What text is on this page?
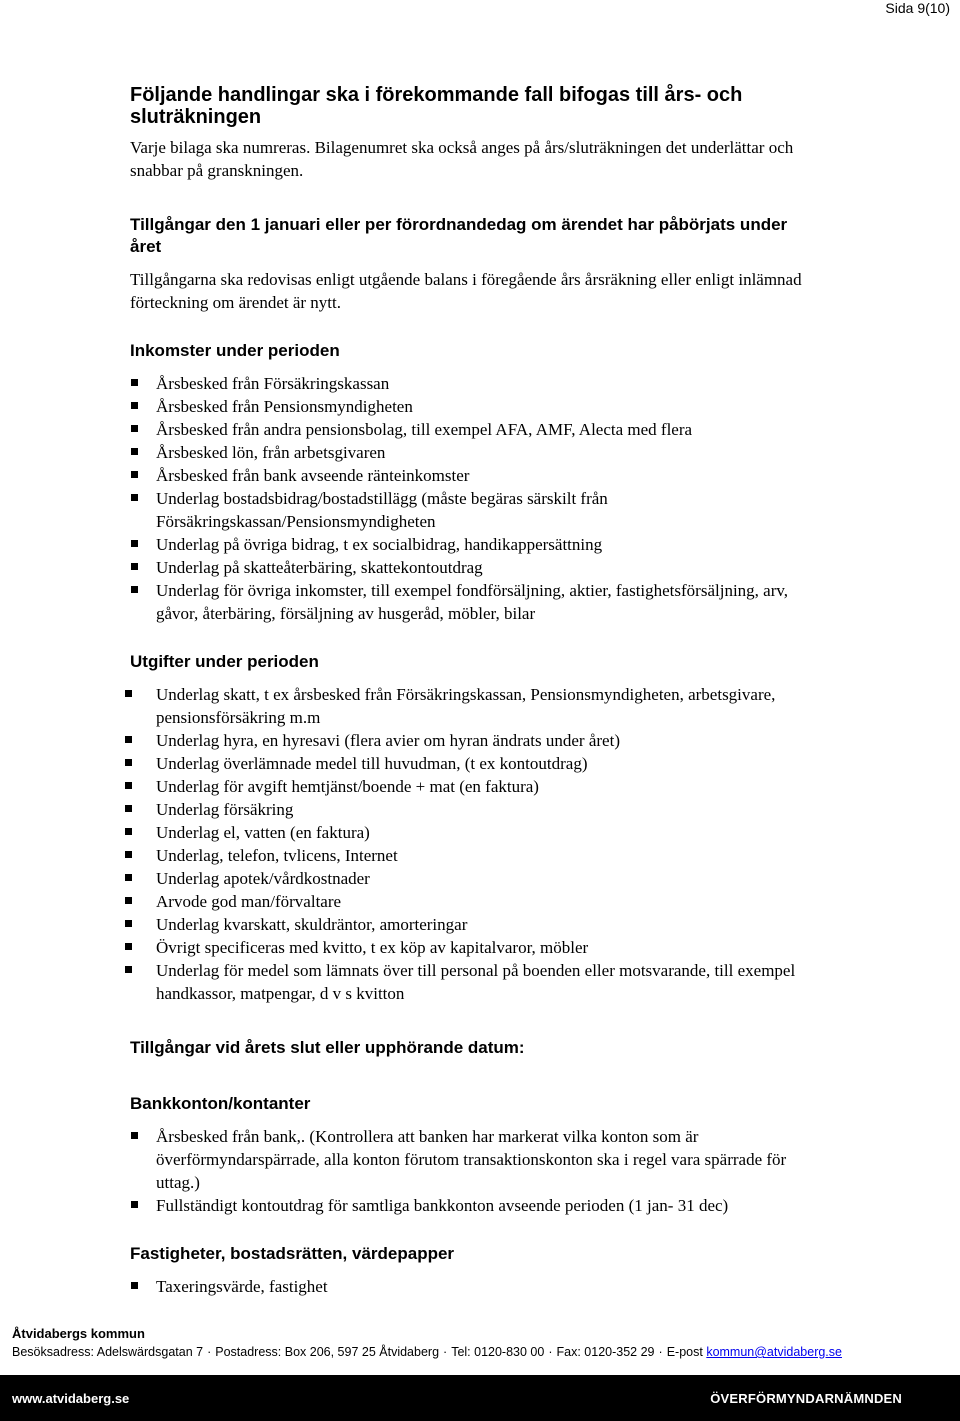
Sida 9(10)
Följande handlingar ska i förekommande fall bifogas till års- och sluträkningen

Varje bilaga ska numreras. Bilagenumret ska också anges på års/sluträkningen det underlättar och snabbar på granskningen.

Tillgångar den 1 januari eller per förordnandedag om ärendet har påbörjats under året

Tillgångarna ska redovisas enligt utgående balans i föregående års årsräkning eller enligt inlämnad förteckning om ärendet är nytt.

Inkomster under perioden
Årsbesked från Försäkringskassan
Årsbesked från Pensionsmyndigheten
Årsbesked från andra pensionsbolag, till exempel AFA, AMF, Alecta med flera
Årsbesked lön, från arbetsgivaren
Årsbesked från bank avseende ränteinkomster
Underlag bostadsbidrag/bostadstillägg (måste begäras särskilt från Försäkringskassan/Pensionsmyndigheten
Underlag på övriga bidrag, t ex socialbidrag, handikappersättning
Underlag på skatteåterbäring, skattekontoutdrag
Underlag för övriga inkomster, till exempel fondförsäljning, aktier, fastighetsförsäljning, arv, gåvor, återbäring, försäljning av husgeråd, möbler, bilar
Utgifter under perioden
Underlag skatt, t ex årsbesked från Försäkringskassan, Pensionsmyndigheten, arbetsgivare, pensionsförsäkring m.m
Underlag hyra, en hyresavi (flera avier om hyran ändrats under året)
Underlag överlämnade medel till huvudman, (t ex kontoutdrag)
Underlag för avgift hemtjänst/boende + mat (en faktura)
Underlag försäkring
Underlag el, vatten (en faktura)
Underlag, telefon, tvlicens, Internet
Underlag apotek/vårdkostnader
Arvode god man/förvaltare
Underlag kvarskatt, skuldräntor, amorteringar
Övrigt specificeras med kvitto, t ex köp av kapitalvaror, möbler
Underlag för medel som lämnats över till personal på boenden eller motsvarande, till exempel handkassor, matpengar, d v s kvitton
Tillgångar vid årets slut eller upphörande datum:
Bankkonton/kontanter
Årsbesked från bank,. (Kontrollera att banken har markerat vilka konton som är överförmyndarspärrade, alla konton förutom transaktionskonton ska i regel vara spärrade för uttag.)
Fullständigt kontoutdrag för samtliga bankkonton avseende perioden (1 jan- 31 dec)
Fastigheter, bostadsrätten, värdepapper
Taxeringsvärde, fastighet
Åtvidabergs kommun
Besöksadress: Adelswärdsgatan 7 · Postadress: Box 206, 597 25 Åtvidaberg · Tel: 0120-830 00 · Fax: 0120-352 29 · E-post kommun@atvidaberg.se
www.atvidaberg.se	ÖVERFÖRMYNDARNÄMNDEN
